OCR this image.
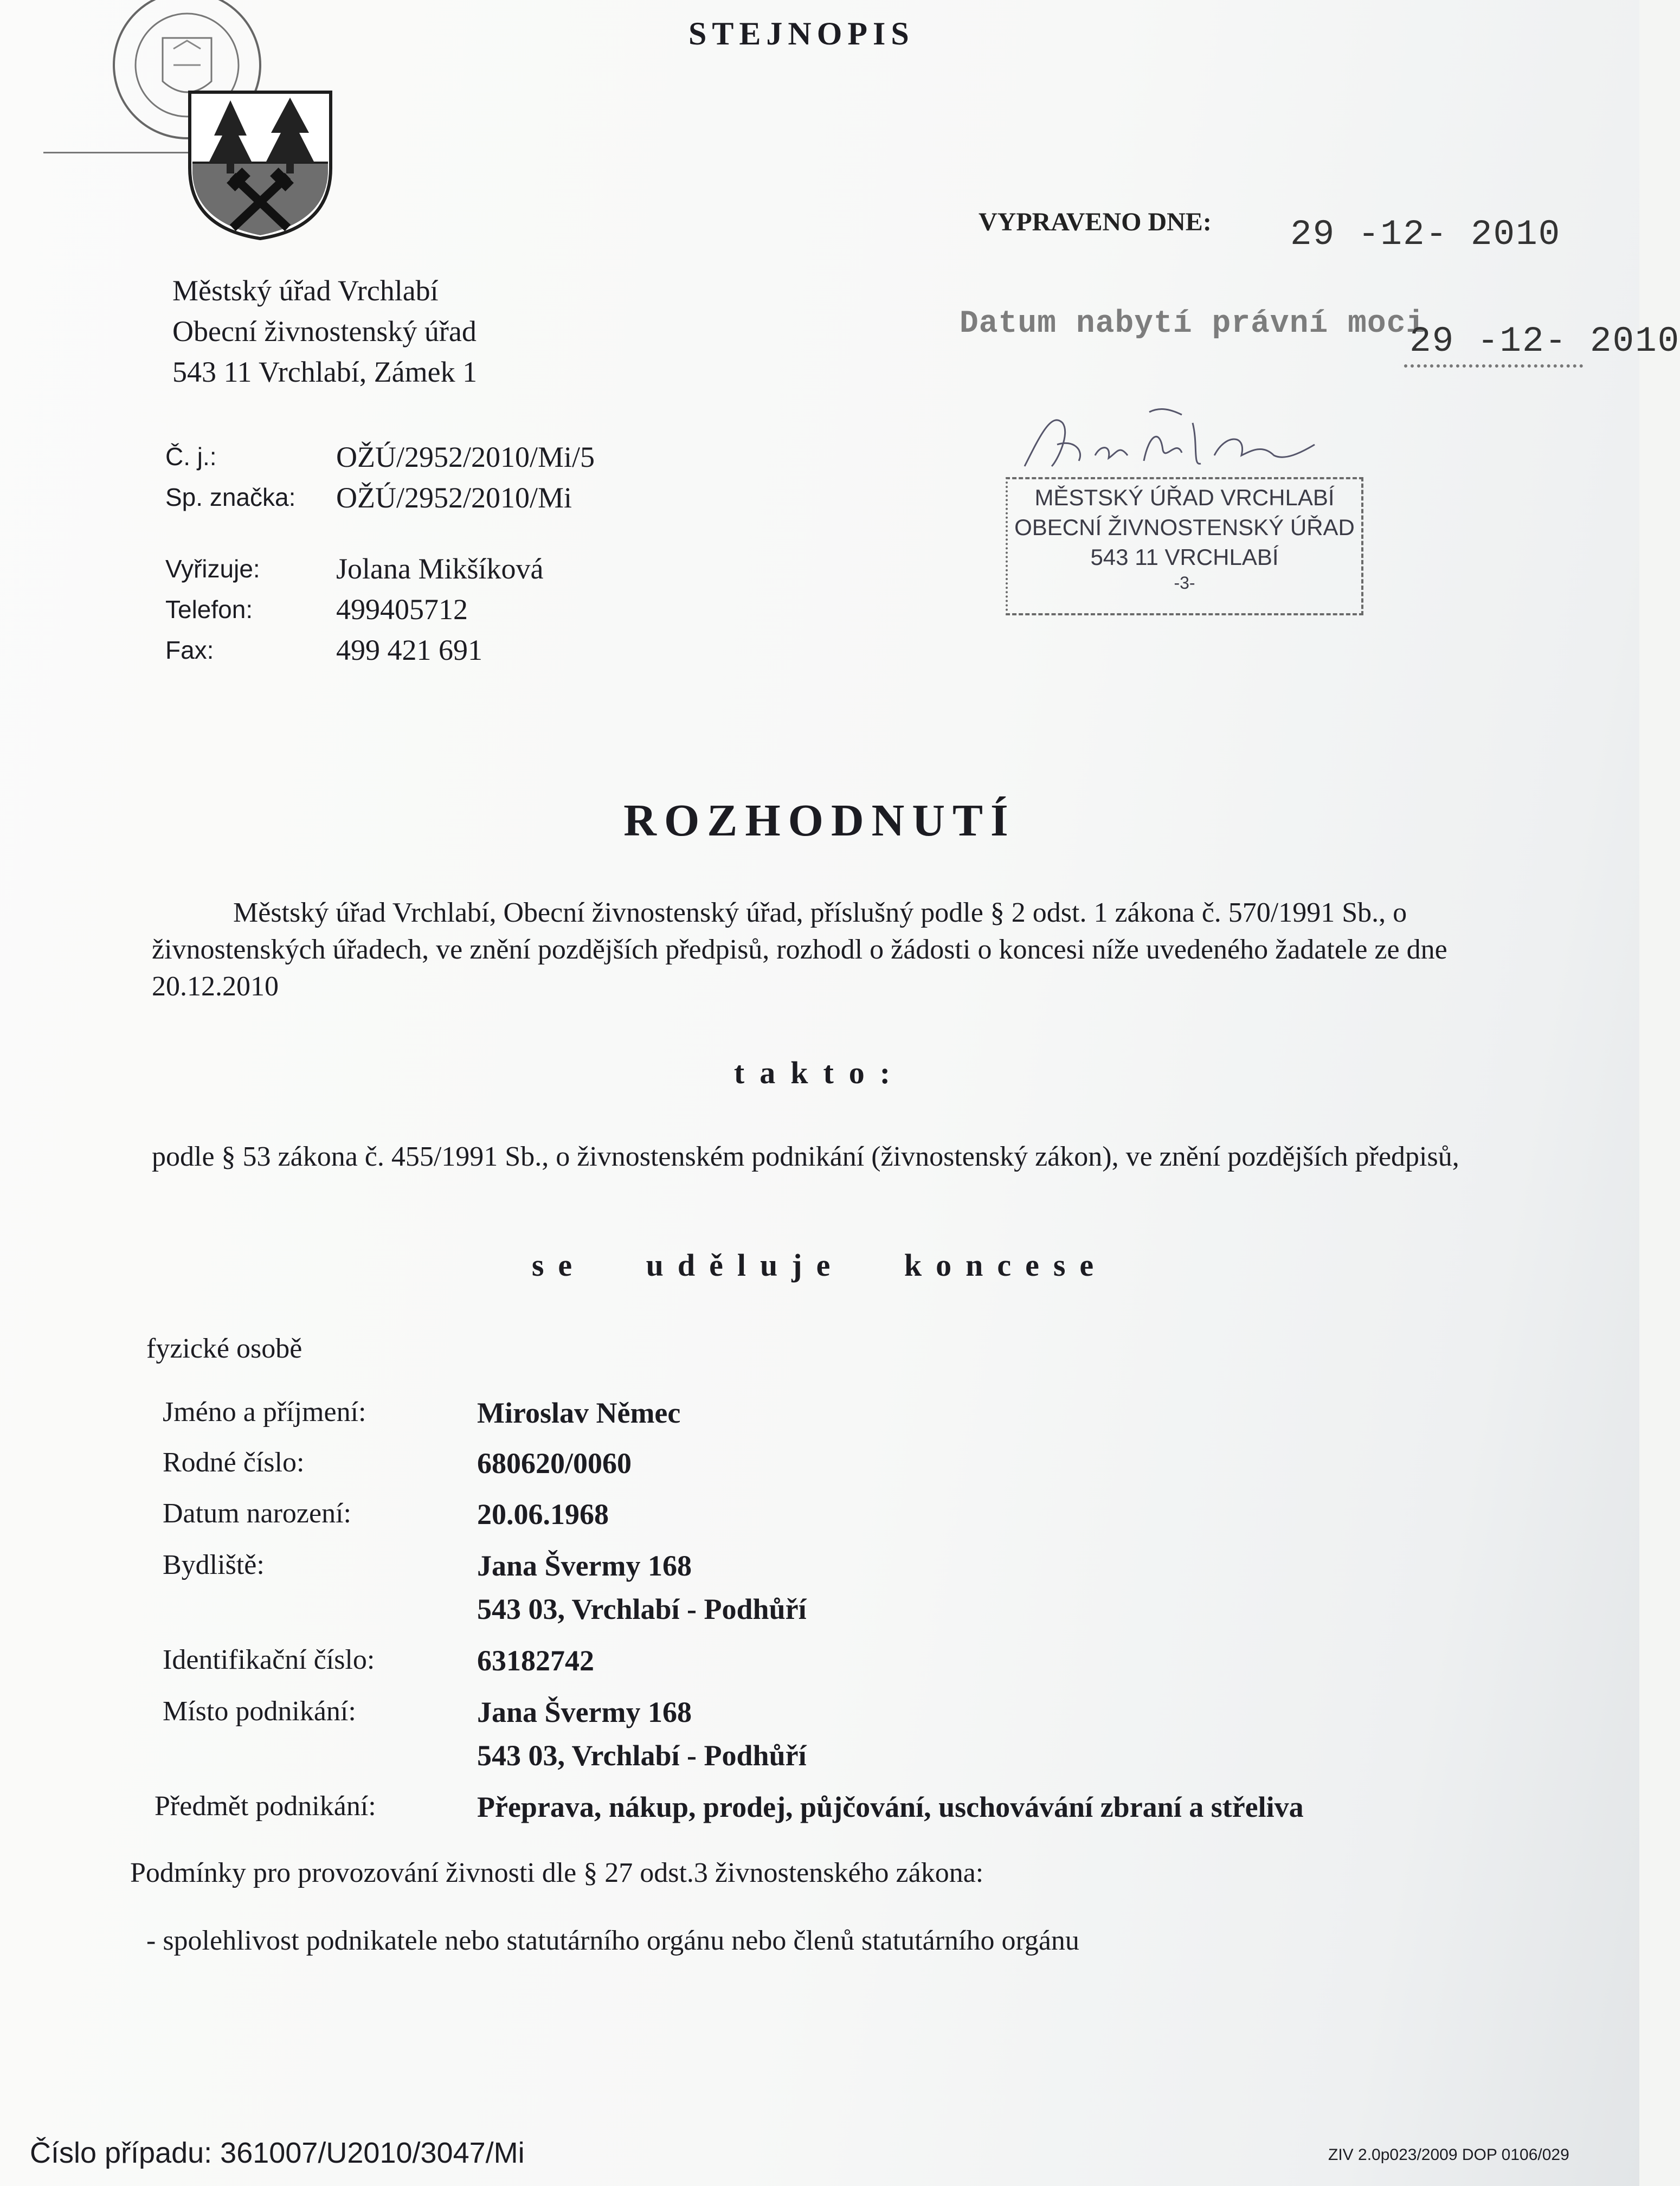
STEJNOPIS
Městský úřad Vrchlabí
Obecní živnostenský úřad
543 11 Vrchlabí, Zámek 1
Č. j.:	OŽÚ/2952/2010/Mi/5
Sp. značka: OŽÚ/2952/2010/Mi
Vyřizuje:	Jolana Mikšíková
Telefon:	499405712
Fax:	499 421 691
VYPRAVENO DNE: 29 -12- 2010
Datum nabytí právní moci
29 -12- 2010
MĚSTSKÝ ÚŘAD VRCHLABÍ
OBECNÍ ŽIVNOSTENSKÝ ÚŘAD
543 11 VRCHLABÍ
-3-
ROZHODNUTÍ
Městský úřad Vrchlabí, Obecní živnostenský úřad, příslušný podle § 2 odst. 1 zákona č. 570/1991 Sb., o živnostenských úřadech, ve znění pozdějších předpisů, rozhodl o žádosti o koncesi níže uvedeného žadatele ze dne 20.12.2010
takto:
podle § 53 zákona č. 455/1991 Sb., o živnostenském podnikání (živnostenský zákon), ve znění pozdějších předpisů,
se uděluje koncese
fyzické osobě
Jméno a příjmení:	Miroslav Němec
Rodné číslo:	680620/0060
Datum narození:	20.06.1968
Bydliště:	Jana Švermy 168
543 03, Vrchlabí - Podhůří
Identifikační číslo:	63182742
Místo podnikání:	Jana Švermy 168
543 03, Vrchlabí - Podhůří
Předmět podnikání:	Přeprava, nákup, prodej, půjčování, uschovávání zbraní a střeliva
Podmínky pro provozování živnosti dle § 27 odst.3 živnostenského zákona:
- spolehlivost podnikatele nebo statutárního orgánu nebo členů statutárního orgánu
Číslo případu: 361007/U2010/3047/Mi	ZIV 2.0p023/2009 DOP 0106/029
